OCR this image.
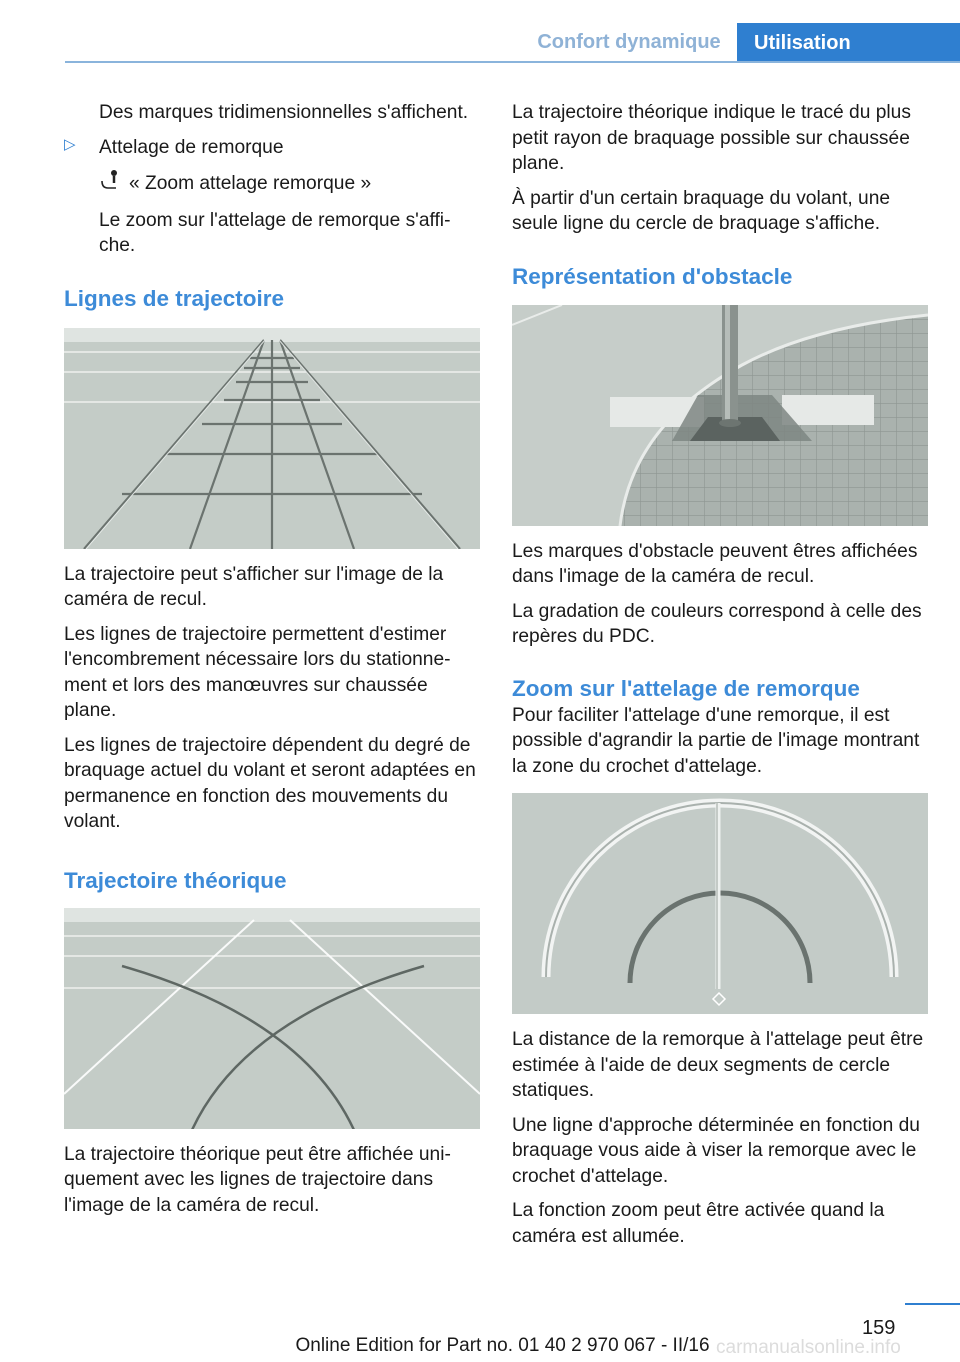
Confort dynamique	Utilisation

Des marques tridimensionnelles s'affichent.

▷ Attelage de remorque

« Zoom attelage remorque »

Le zoom sur l'attelage de remorque s'affiche.

Lignes de trajectoire

La trajectoire peut s'afficher sur l'image de la caméra de recul.

Les lignes de trajectoire permettent d'estimer l'encombrement nécessaire lors du stationnement et lors des manœuvres sur chaussée plane.

Les lignes de trajectoire dépendent du degré de braquage actuel du volant et seront adaptées en permanence en fonction des mouvements du volant.

Trajectoire théorique

La trajectoire théorique peut être affichée uniquement avec les lignes de trajectoire dans l'image de la caméra de recul.

La trajectoire théorique indique le tracé du plus petit rayon de braquage possible sur chaussée plane.

À partir d'un certain braquage du volant, une seule ligne du cercle de braquage s'affiche.

Représentation d'obstacle

Les marques d'obstacle peuvent êtres affichées dans l'image de la caméra de recul.

La gradation de couleurs correspond à celle des repères du PDC.

Zoom sur l'attelage de remorque

Pour faciliter l'attelage d'une remorque, il est possible d'agrandir la partie de l'image montrant la zone du crochet d'attelage.

La distance de la remorque à l'attelage peut être estimée à l'aide de deux segments de cercle statiques.

Une ligne d'approche déterminée en fonction du braquage vous aide à viser la remorque avec le crochet d'attelage.

La fonction zoom peut être activée quand la caméra est allumée.

159
Online Edition for Part no. 01 40 2 970 067 - II/16 carmanualsonline.info
